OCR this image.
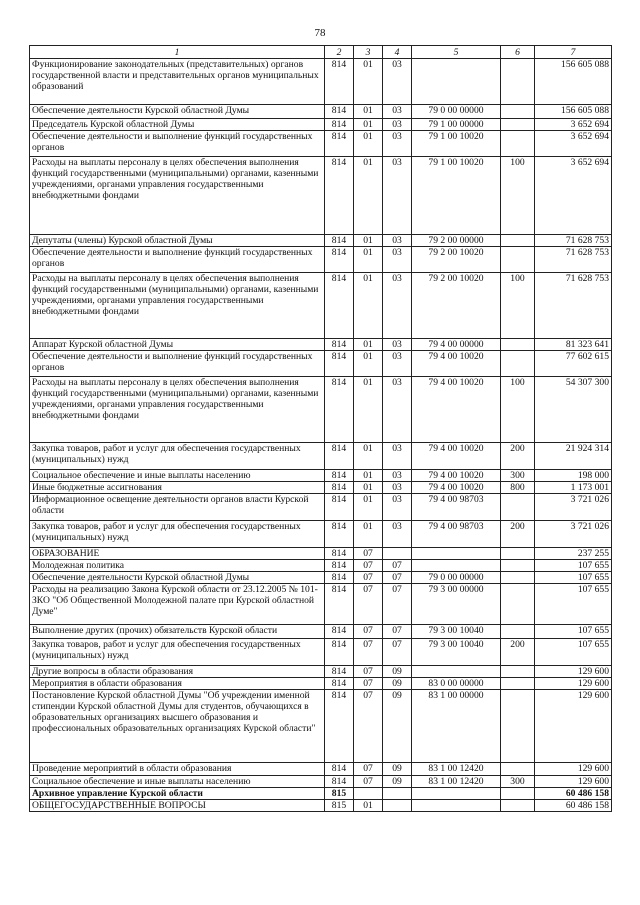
78
1	2	3	4	5	6	7
Функционирование законодательных (представительных) органов государственной власти и представительных органов муниципальных образований	814	01	03			156 605 088
Обеспечение деятельности Курской областной Думы	814	01	03	79 0 00 00000		156 605 088
Председатель Курской областной Думы	814	01	03	79 1 00 00000		3 652 694
Обеспечение деятельности и выполнение функций государственных органов	814	01	03	79 1 00 10020		3 652 694
Расходы на выплаты персоналу в целях обеспечения выполнения функций государственными (муниципальными) органами, казенными учреждениями, органами управления государственными внебюджетными фондами	814	01	03	79 1 00 10020	100	3 652 694
Депутаты (члены) Курской областной Думы	814	01	03	79 2 00 00000		71 628 753
Обеспечение деятельности и выполнение функций государственных органов	814	01	03	79 2 00 10020		71 628 753
Расходы на выплаты персоналу в целях обеспечения выполнения функций государственными (муниципальными) органами, казенными учреждениями, органами управления государственными внебюджетными фондами	814	01	03	79 2 00 10020	100	71 628 753
Аппарат Курской областной Думы	814	01	03	79 4 00 00000		81 323 641
Обеспечение деятельности и выполнение функций государственных органов	814	01	03	79 4 00 10020		77 602 615
Расходы на выплаты персоналу в целях обеспечения выполнения функций государственными (муниципальными) органами, казенными учреждениями, органами управления государственными внебюджетными фондами	814	01	03	79 4 00 10020	100	54 307 300
Закупка товаров, работ и услуг для обеспечения государственных (муниципальных) нужд	814	01	03	79 4 00 10020	200	21 924 314
Социальное обеспечение и иные выплаты населению	814	01	03	79 4 00 10020	300	198 000
Иные бюджетные ассигнования	814	01	03	79 4 00 10020	800	1 173 001
Информационное освещение деятельности органов власти Курской области	814	01	03	79 4 00 98703		3 721 026
Закупка товаров, работ и услуг для обеспечения государственных (муниципальных) нужд	814	01	03	79 4 00 98703	200	3 721 026
ОБРАЗОВАНИЕ	814	07				237 255
Молодежная политика	814	07	07			107 655
Обеспечение деятельности Курской областной Думы	814	07	07	79 0 00 00000		107 655
Расходы на реализацию Закона Курской области от 23.12.2005 № 101-ЗКО "Об Общественной Молодежной палате при Курской областной Думе"	814	07	07	79 3 00 00000		107 655
Выполнение других (прочих) обязательств Курской области	814	07	07	79 3 00 10040		107 655
Закупка товаров, работ и услуг для обеспечения государственных (муниципальных) нужд	814	07	07	79 3 00 10040	200	107 655
Другие вопросы в области образования	814	07	09			129 600
Мероприятия в области образования	814	07	09	83 0 00 00000		129 600
Постановление Курской областной Думы "Об учреждении именной стипендии Курской областной Думы для студентов, обучающихся в образовательных организациях высшего образования и профессиональных образовательных организациях Курской области"	814	07	09	83 1 00 00000		129 600
Проведение мероприятий в области образования	814	07	09	83 1 00 12420		129 600
Социальное обеспечение и иные выплаты населению	814	07	09	83 1 00 12420	300	129 600
Архивное управление Курской области	815					60 486 158
ОБЩЕГОСУДАРСТВЕННЫЕ ВОПРОСЫ	815	01				60 486 158
